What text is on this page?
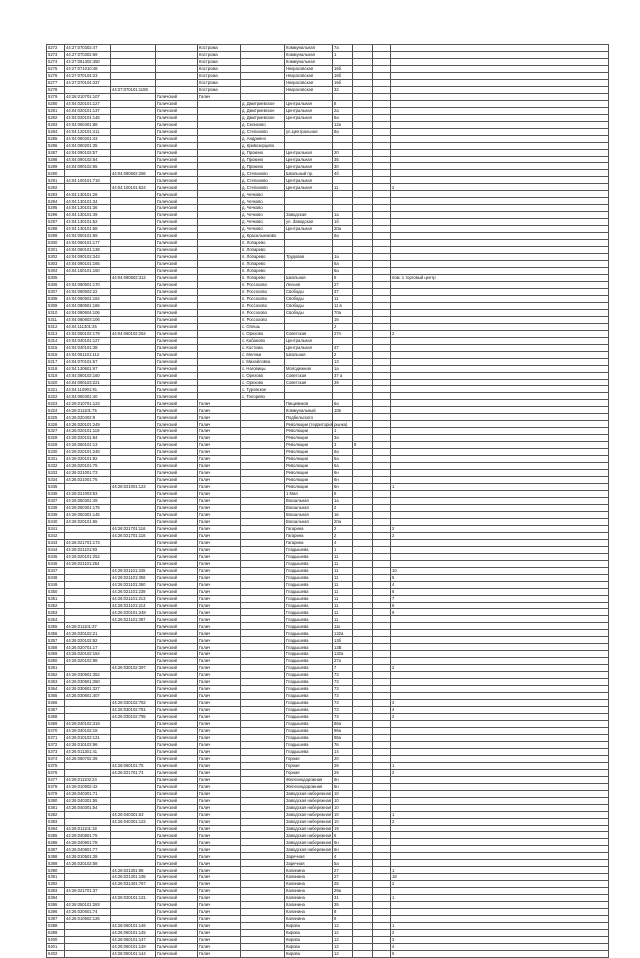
5272	44:27:070302:47			Кострома		Коммунальная	7а			
5273	44:27:070302:69			Кострома		Коммунальная	1			
5274	44:27:061302:450			Кострома		Коммунальная				
5275	44:27:071010:48			Кострома		Некрасовская	16б			
5276	44:27:070104:23			Кострома		Некрасовская	16б			
5277	44:27:070104:337			Кострома		Некрасовская	16б			
5278		44:27:070101:1188		Кострома		Некрасовская	32			
5279	44:26:010701:107		Галичский	Галич						
5280	44:04:020101:127		Галичский		д. Дмитриевское	Центральная	8			
5281	44:04:020101:137		Галичский		д. Дмитриевское	Центральная	2а			
5282	44:04:020101:146		Галичский		д. Дмитриевское	Центральная	6а			
5283	44:04:060401:88		Галичский		д. Селихово		12а			
5284	44:04:120101:411		Галичский		д. Степаново	ул.Центральная	8а			
5285	44:04:060201:43		Галичский		д. Андрияно					
5286	44:04:060201:35		Галичский		д. Кривозерцево					
5287	44:04:090102:57		Галичский		д. Прокино	Центральная	20			
5288	44:04:090102:64		Галичский		д. Прокино	Центральная	35			
5289	44:04:090102:65		Галичский		д. Прокино	Центральная	30			
5290		44:04:080602:286	Галичский		д. Степаново	Школьный пр.	4б			
5291	44:04:100101:718		Галичский		д. Степаново	Центральная				
5292		44:04:100101:624	Галичский		д. Степаново	Центральная	11			2
5293	44:04:130101:26		Галичский		д. Чечково					
5294	44:04:130101:34		Галичский		д. Чечково					
5295	44:04:130101:36		Галичский		д. Чечково					
5296	44:04:130101:39		Галичский		д. Чечково	Заводская	1а			
5297	44:04:130101:52		Галичский		д. Чечково	ул. Заводская	1б			
5298	44:04:130101:58		Галичский		д. Чечково	Центральная	20а			
5299	44:04:050101:69		Галичский		д. Красильниково		6а			
5300	44:04:060101:177		Галичский		п. Лопарево					
5301	44:04:060101:138		Галичский		п. Лопарево					
5302	44:04:090102:343		Галичский		п. Лопарево	Трудовая	1а			
5303	44:04:090101:165		Галичский		п. Лопарево		6а			
5304	44:04:150101:160		Галичский		п. Лопарево		6а			
5305		44:04:080602:312	Галичский		п. Лопарево	Школьная	9			пом. 1 торговый центр
5306	44:04:080501:170		Галичский		п. Россохово	Лесная	27			
5307	44:04:080502:22		Галичский		п. Россохово	Свободы	37			
5308	44:04:080501:164		Галичский		п. Россохово	Свободы	11			
5309	44:04:080501:166		Галичский		п. Россохово	Свободы	11 в			
5310	44:04:080604:106		Галичский		п. Россохово	Свободы	70а			
5311	44:04:080603:106		Галичский		п. Россохово		16			
5312	44:04:111301:25		Галичский		с. Олешь		2			
5313	44:04:050102:179	44:04:060102:264	Галичский		с. Орехово	Советская	27А			2
5314	44:04:040101:127		Галичский		с. Кабаново	Центральная				
5315	44:04:040101:38		Галичский		с. Костома	Центральная	47			
5316	44:04:051101:112		Галичский		с. Мелнки	Школьная	2			
5317	44:04:070101:57		Галичский		с. Михайловка		13			
5318	44:04:120601:67		Галичский		с. Наговицы	Молодежная	1а			
5319	44:04:080102:160		Галичский		с. Орехово	Советская	37 а			
5320	44:04:090103:221		Галичский		с. Орехово	Советская	39			
5321	44:04:110901:91		Галичский		с. Туровское					
5322	44:04:060401:40		Галичский		с. Толорево					
5323	44:26:010701:123		Галичский	Галич		Пищевиков	6а			
5324	44:26:011101:75		Галичский	Галич		Коммунальный	10в			
5325	44:26:020402:8		Галичский	Галич		Подбельского				
5326	44:26:020101:249		Галичский	Галич		Революции (территория рынка)				
5327	44:26:020101:119		Галичский	Галич		Революции	1			
5328	44:26:020101:84		Галичский	Галич		Революции	3а			
5329	44:26:060101:13		Галичский	Галич		Революции	3	9		
5330	44:26:020101:248		Галичский	Галич		Революции	6а			
5331	44:26:020101:92		Галичский	Галич		Революции	6а			
5332	44:26:020101:75		Галичский	Галич		Революции	6а			
5333	44:26:021001:73		Галичский	Галич		Революции	6н			
5334	44:26:021001:75		Галичский	Галич		Революции	6н			
5335		44:26:021001:124	Галичский	Галич		Революции	6н			1
5336	44:26:021003:53		Галичский	Галич		1 Мая	9			
5337	44:26:050301:49		Галичский	Галич		Вокзальная	1а			
5338	44:26:050301:175		Галичский	Галич		Вокзальная	2			
5339	44:26:050301:145		Галичский	Галич		Вокзальная	1в			
5340	44:26:020101:65		Галичский	Галич		Вокзальная	20а			
5341		44:26:021701:116	Галичский	Галич		Гагарина	2			2
5342		44:26:021701:118	Галичский	Галич		Гагарина	2			2
5343	44:26:021701:173		Галичский	Галич		Гагарина	4			
5344	44:26:021101:93		Галичский	Галич		Гладышева	1			
5345	44:26:020101:252		Галичский	Галич		Гладышева	11			
5346	44:26:021101:254		Галичский	Галич		Гладышева	11			
5347		44:26:021101:345	Галичский	Галич		Гладышева	11			10
5348		44:26:021101:356	Галичский	Галич		Гладышева	11			5
5349		44:26:021101:360	Галичский	Галич		Гладышева	11			4
5350		44:26:021101:239	Галичский	Галич		Гладышева	11			6
5351		44:26:021101:213	Галичский	Галич		Гладышева	11			7
5352		44:26:021101:214	Галичский	Галич		Гладышева	11			8
5353		44:26:020101:248	Галичский	Галич		Гладышева	11			9
5354		44:26:021101:397	Галичский	Галич		Гладышева	11			
5355	44:26:011101:37		Галичский	Галич		Гладышева	11к			
5356	44:26:020102:21		Галичский	Галич		Гладышева	132а			
5357	44:26:020102:92		Галичский	Галич		Гладышева	13б			
5358	44:26:020701:17		Галичский	Галич		Гладышева	13В			
5359	44:26:020102:154		Галичский	Галич		Гладышева	132а			
5360	44:26:020102:98		Галичский	Галич		Гладышева	27а			
5361		44:26:030102:397	Галичский	Галич		Гладышева	7			2
5362	44:26:030601:352		Галичский	Галич		Гладышева	73			
5363	44:26:030601:350		Галичский	Галич		Гладышева	73			
5364	44:26:030601:327		Галичский	Галич		Гладышева	73			
5365	44:26:030601:407		Галичский	Галич		Гладышева	73			
5366		44:26:030102:782	Галичский	Галич		Гладышева	73			3
5367		44:26:030102:781	Галичский	Галич		Гладышева	73			4
5368		44:26:030102:795	Галичский	Галич		Гладышева	73			2
5369	44:26:040102:319		Галичский	Галич		Гладышева	86а			
5370	44:26:040102:18		Галичский	Галич		Гладышева	96а			
5371	44:26:010102:121		Галичский	Галич		Гладышева	96а			
5372	44:26:010102:96		Галичский	Галич		Гладышева	7в			
5373	44:26:011301:41		Галичский	Галич		Гладышева	14			
5374	44:26:060702:39		Галичский	Галич		Горная	20			
5375		44:26:060101:75	Галичский	Галич		Горная	28			1
5376		44:26:021701:74	Галичский	Галич		Горная	29			2
5377	44:26:011102:24		Галичский	Галич		Железнодорожная	6н			
5378	44:26:010902:42		Галичский	Галич		Железнодорожная	6н			
5379	44:26:040301:71		Галичский	Галич		Заводская набережная	10			
5380	44:26:040301:55		Галичский	Галич		Заводская набережная	10			
5381	44:26:040301:54		Галичский	Галич		Заводская набережная	10			
5382		44:26:040301:63	Галичский	Галич		Заводская набережная	10			1
5383		44:26:040301:122	Галичский	Галич		Заводская набережная	10			2
5384	44:26:011101:18		Галичский	Галич		Заводская набережная	19			
5385	44:26:040801:75		Галичский	Галич		Заводская набережная	6			
5386	44:26:040801:78		Галичский	Галич		Заводская набережная	6н			
5387	44:26:040801:77		Галичский	Галич		Заводская набережная	6н			
5388	44:26:010501:39		Галичский	Галич		Заречная	4			
5389	44:26:020102:58		Галичский	Галич		Заречная	5а			
5390		44:26:021301:98	Галичский	Галич		Калинина	27			1
5391		44:26:021301:195	Галичский	Галич		Калинина	27			18
5392		44:26:031401:767	Галичский	Галич		Калинина	25			2
5393	44:26:021701:37		Галичский	Галич		Калинина	29а			
5394		44:26:020101:131	Галичский	Галич		Калинина	31			1
5395	44:26:050101:283		Галичский	Галич		Калинина	35			
5396	44:26:020601:74		Галичский	Галич		Калинина	8			
5397	44:26:010602:126		Галичский	Галич		Калинина	8			
5398		44:26:060101:146	Галичский	Галич		Кирова	12			1
5399		44:26:060101:145	Галичский	Галич		Кирова	12			2
5400		44:26:060101:147	Галичский	Галич		Кирова	12			3
5401		44:26:060101:148	Галичский	Галич		Кирова	12			4
5402		44:26:060101:144	Галичский	Галич		Кирова	12			5
